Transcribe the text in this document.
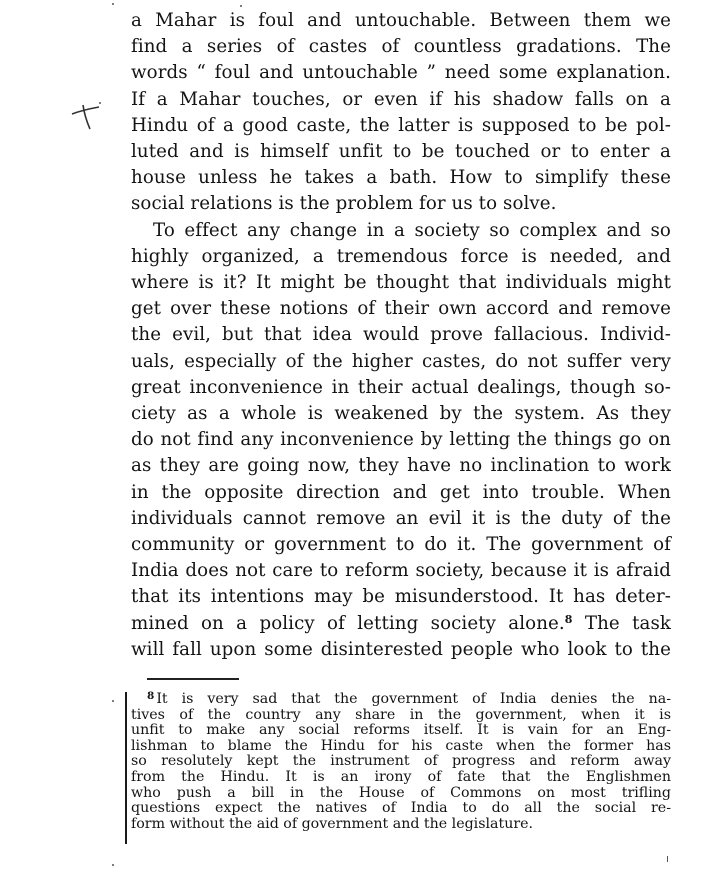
a Mahar is foul and untouchable. Between them we

find a series of castes of countless gradations. The

words “ foul and untouchable ” need some explanation.

If a Mahar touches, or even if his shadow falls on a

Hindu of a good caste, the latter is supposed to be pol-

luted and is himself unfit to be touched or to enter a

house unless he takes a bath. How to simplify these

social relations is the problem for us to solve.

To effect any change in a society so complex and so

highly organized, a tremendous force is needed, and

where is it? It might be thought that individuals might

get over these notions of their own accord and remove

the evil, but that idea would prove fallacious. Individ-

uals, especially of the higher castes, do not suffer very

great inconvenience in their actual dealings, though so-

ciety as a whole is weakened by the system. As they

do not find any inconvenience by letting the things go on

as they are going now, they have no inclination to work

in the opposite direction and get into trouble. When

individuals cannot remove an evil it is the duty of the

community or government to do it. The government of

India does not care to reform society, because it is afraid

that its intentions may be misunderstood. It has deter-

mined on a policy of letting society alone.$^8$ The task

will fall upon some disinterested people who look to the

$^8$ It is very sad that the government of India denies the na-

tives of the country any share in the government, when it is

unfit to make any social reforms itself. It is vain for an Eng-

lishman to blame the Hindu for his caste when the former has

so resolutely kept the instrument of progress and reform away

from the Hindu. It is an irony of fate that the Englishmen

who push a bill in the House of Commons on most trifling

questions expect the natives of India to do all the social re-

form without the aid of government and the legislature.
